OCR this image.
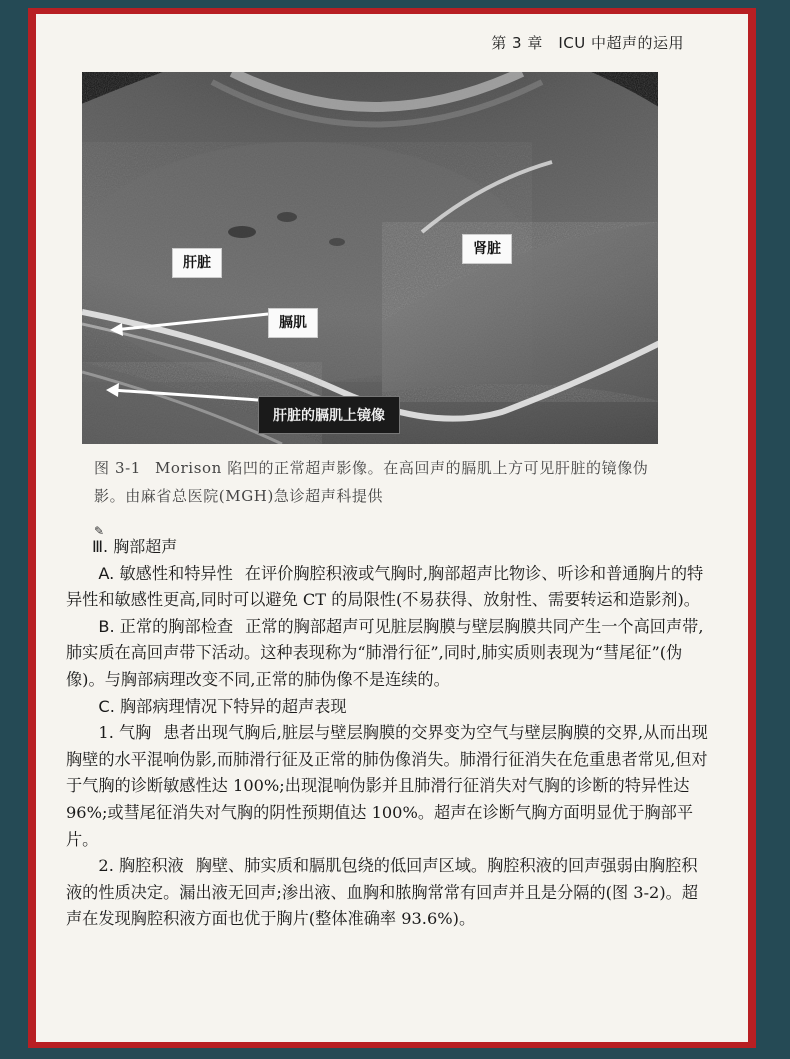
第 3 章　ICU 中超声的运用
肝脏
肾脏
膈肌
肝脏的膈肌上镜像
图 3-1 Morison 陷凹的正常超声影像。在高回声的膈肌上方可见肝脏的镜像伪影。由麻省总医院(MGH)急诊超声科提供
✎

Ⅲ. 胸部超声

A. 敏感性和特异性 在评价胸腔积液或气胸时,胸部超声比物诊、听诊和普通胸片的特异性和敏感性更高,同时可以避免 CT 的局限性(不易获得、放射性、需要转运和造影剂)。

B. 正常的胸部检查 正常的胸部超声可见脏层胸膜与壁层胸膜共同产生一个高回声带,肺实质在高回声带下活动。这种表现称为“肺滑行征”,同时,肺实质则表现为“彗尾征”(伪像)。与胸部病理改变不同,正常的肺伪像不是连续的。

C. 胸部病理情况下特异的超声表现

1. 气胸 患者出现气胸后,脏层与壁层胸膜的交界变为空气与壁层胸膜的交界,从而出现胸壁的水平混响伪影,而肺滑行征及正常的肺伪像消失。肺滑行征消失在危重患者常见,但对于气胸的诊断敏感性达 100%;出现混响伪影并且肺滑行征消失对气胸的诊断的特异性达 96%;或彗尾征消失对气胸的阴性预期值达 100%。超声在诊断气胸方面明显优于胸部平片。

2. 胸腔积液 胸壁、肺实质和膈肌包绕的低回声区域。胸腔积液的回声强弱由胸腔积液的性质决定。漏出液无回声;渗出液、血胸和脓胸常常有回声并且是分隔的(图 3-2)。超声在发现胸腔积液方面也优于胸片(整体准确率 93.6%)。
